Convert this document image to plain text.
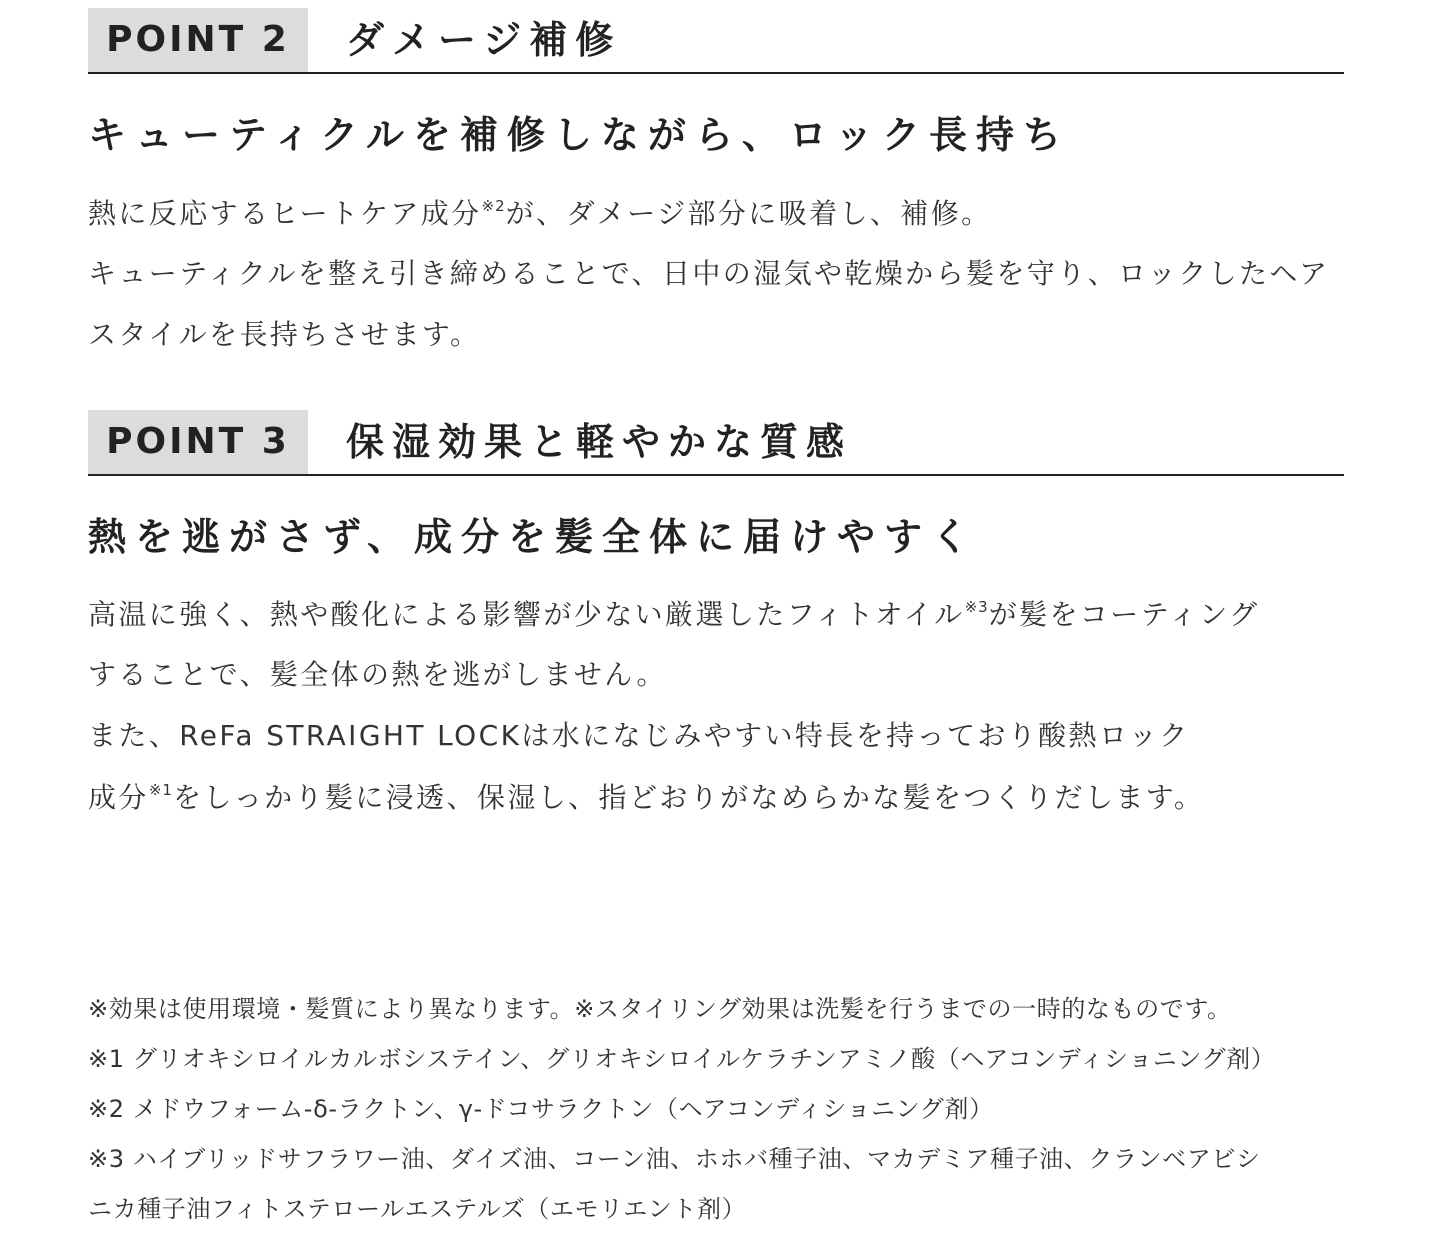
POINT 2	ダメージ補修
キューティクルを補修しながら、ロック長持ち
熱に反応するヒートケア成分$^{※2}$が、ダメージ部分に吸着し、補修。
キューティクルを整え引き締めることで、日中の湿気や乾燥から髪を守り、ロックしたヘア
スタイルを長持ちさせます。
POINT 3	保湿効果と軽やかな質感
熱を逃がさず、成分を髪全体に届けやすく
高温に強く、熱や酸化による影響が少ない厳選したフィトオイル$^{※3}$が髪をコーティング
することで、髪全体の熱を逃がしません。
また、ReFa STRAIGHT LOCKは水になじみやすい特長を持っており酸熱ロック
成分$^{※1}$をしっかり髪に浸透、保湿し、指どおりがなめらかな髪をつくりだします。
※効果は使用環境・髪質により異なります。※スタイリング効果は洗髪を行うまでの一時的なものです。
※1 グリオキシロイルカルボシステイン、グリオキシロイルケラチンアミノ酸（ヘアコンディショニング剤）
※2 メドウフォーム-δ-ラクトン、γ-ドコサラクトン（ヘアコンディショニング剤）
※3 ハイブリッドサフラワー油、ダイズ油、コーン油、ホホバ種子油、マカデミア種子油、クランベアビシ
ニカ種子油フィトステロールエステルズ（エモリエント剤）
